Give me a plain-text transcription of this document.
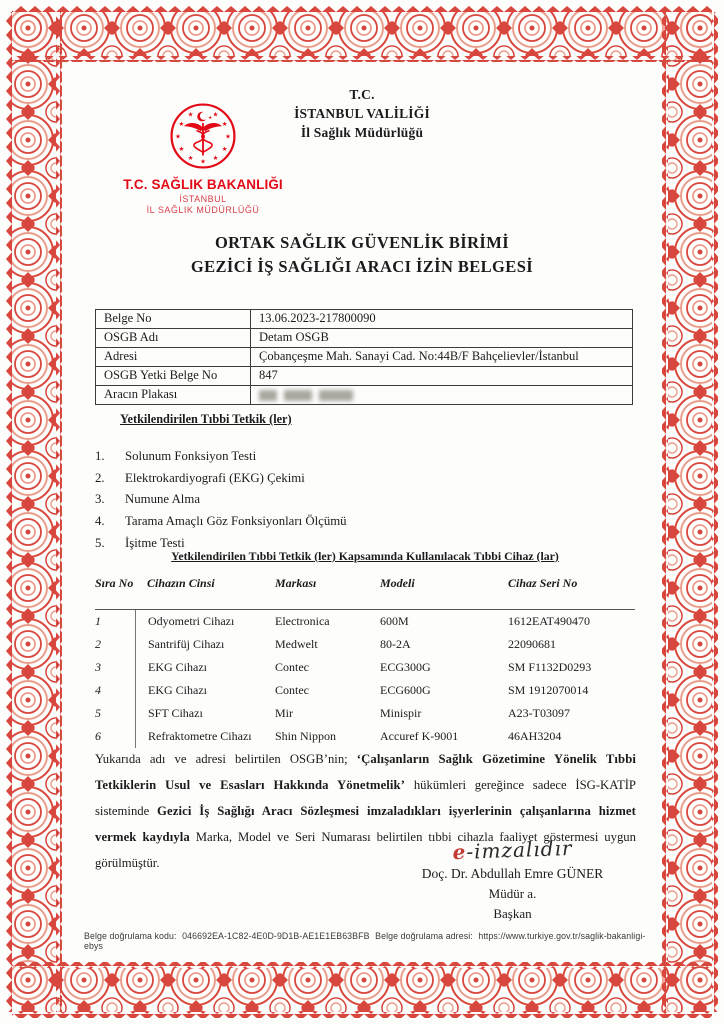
T.C.
İSTANBUL VALİLİĞİ
İl Sağlık Müdürlüğü
★
★
★
★
★
★
★
★
★
★
★	★
T.C. SAĞLIK BAKANLIĞI
İSTANBUL
İL SAĞLIK MÜDÜRLÜĞÜ
ORTAK SAĞLIK GÜVENLİK BİRİMİ
GEZİCİ İŞ SAĞLIĞI ARACI İZİN BELGESİ
Belge No	13.06.2023-217800090
OSGB Adı	Detam OSGB
Adresi	Çobançeşme Mah. Sanayi Cad. No:44B/F Bahçelievler/İstanbul
OSGB Yetki Belge No	847
Aracın Plakası	
Yetkilendirilen Tıbbi Tetkik (ler)
1.	Solunum Fonksiyon Testi
2.	Elektrokardiyografi (EKG) Çekimi
3.	Numune Alma
4.	Tarama Amaçlı Göz Fonksiyonları Ölçümü
5.	İşitme Testi
Yetkilendirilen Tıbbi Tetkik (ler) Kapsamında Kullanılacak Tıbbi Cihaz (lar)
Sıra No	Cihazın Cinsi	Markası	Modeli	Cihaz Seri No
1	Odyometri Cihazı	Electronica	600M	1612EAT490470
2	Santrifüj Cihazı	Medwelt	80-2A	22090681
3	EKG Cihazı	Contec	ECG300G	SM F1132D0293
4	EKG Cihazı	Contec	ECG600G	SM 1912070014
5	SFT Cihazı	Mir	Minispir	A23-T03097
6	Refraktometre Cihazı	Shin Nippon	Accuref K-9001	46AH3204

Yukarıda adı ve adresi belirtilen OSGB’nin; ‘Çalışanların Sağlık Gözetimine Yönelik Tıbbi Tetkiklerin Usul ve Esasları Hakkında Yönetmelik’ hükümleri gereğince sadece İSG-KATİP sisteminde Gezici İş Sağlığı Aracı Sözleşmesi imzaladıkları işyerlerinin çalışanlarına hizmet vermek kaydıyla Marka, Model ve Seri Numarası belirtilen tıbbi cihazla faaliyet göstermesi uygun görülmüştür.	e-imzalıdır
Doç. Dr. Abdullah Emre GÜNER
Müdür a.
Başkan
Belge doğrulama kodu: 046692EA-1C82-4E0D-9D1B-AE1E1EB63BFB Belge doğrulama adresi: https://www.turkiye.gov.tr/saglik-bakanligi-ebys
